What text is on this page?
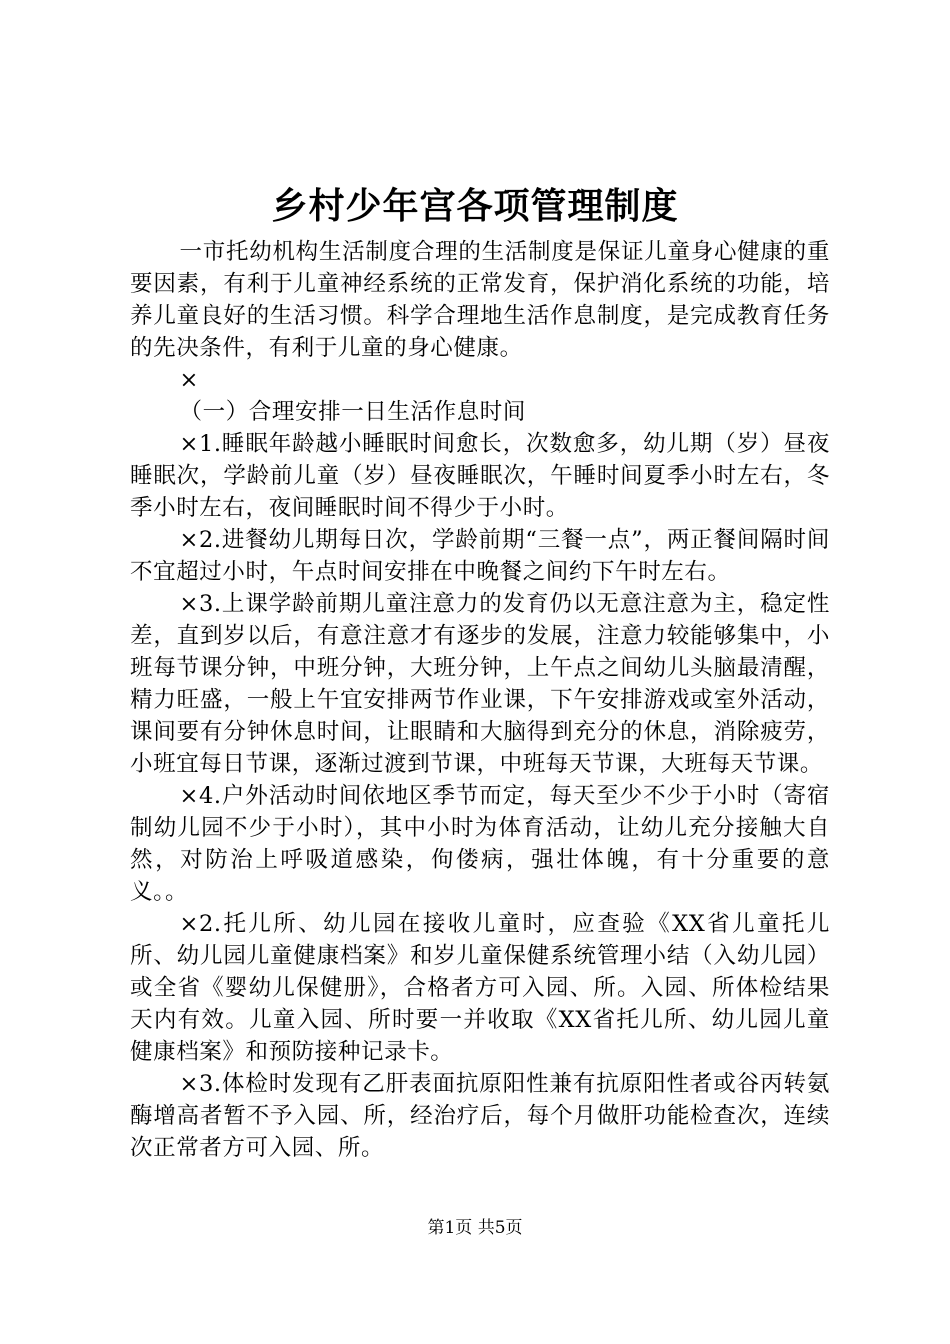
乡村少年宫各项管理制度

一市托幼机构生活制度合理的生活制度是保证儿童身心健康的重要因素，有利于儿童神经系统的正常发育，保护消化系统的功能，培养儿童良好的生活习惯。科学合理地生活作息制度，是完成教育任务的先决条件，有利于儿童的身心健康。

×

（一）合理安排一日生活作息时间

×1.睡眠年龄越小睡眠时间愈长，次数愈多，幼儿期（岁）昼夜睡眠次，学龄前儿童（岁）昼夜睡眠次，午睡时间夏季小时左右，冬季小时左右，夜间睡眠时间不得少于小时。

×2.进餐幼儿期每日次，学龄前期“三餐一点”，两正餐间隔时间不宜超过小时，午点时间安排在中晚餐之间约下午时左右。

×3.上课学龄前期儿童注意力的发育仍以无意注意为主，稳定性差，直到岁以后，有意注意才有逐步的发展，注意力较能够集中，小班每节课分钟，中班分钟，大班分钟，上午点之间幼儿头脑最清醒，精力旺盛，一般上午宜安排两节作业课，下午安排游戏或室外活动，课间要有分钟休息时间，让眼睛和大脑得到充分的休息，消除疲劳，小班宜每日节课，逐渐过渡到节课，中班每天节课，大班每天节课。

×4.户外活动时间依地区季节而定，每天至少不少于小时（寄宿制幼儿园不少于小时），其中小时为体育活动，让幼儿充分接触大自然，对防治上呼吸道感染，佝偻病，强壮体魄，有十分重要的意义。。

×2.托儿所、幼儿园在接收儿童时，应查验《XX省儿童托儿所、幼儿园儿童健康档案》和岁儿童保健系统管理小结（入幼儿园）或全省《婴幼儿保健册》，合格者方可入园、所。入园、所体检结果天内有效。儿童入园、所时要一并收取《XX省托儿所、幼儿园儿童健康档案》和预防接种记录卡。

×3.体检时发现有乙肝表面抗原阳性兼有抗原阳性者或谷丙转氨酶增高者暂不予入园、所，经治疗后，每个月做肝功能检查次，连续次正常者方可入园、所。

第1页 共5页
